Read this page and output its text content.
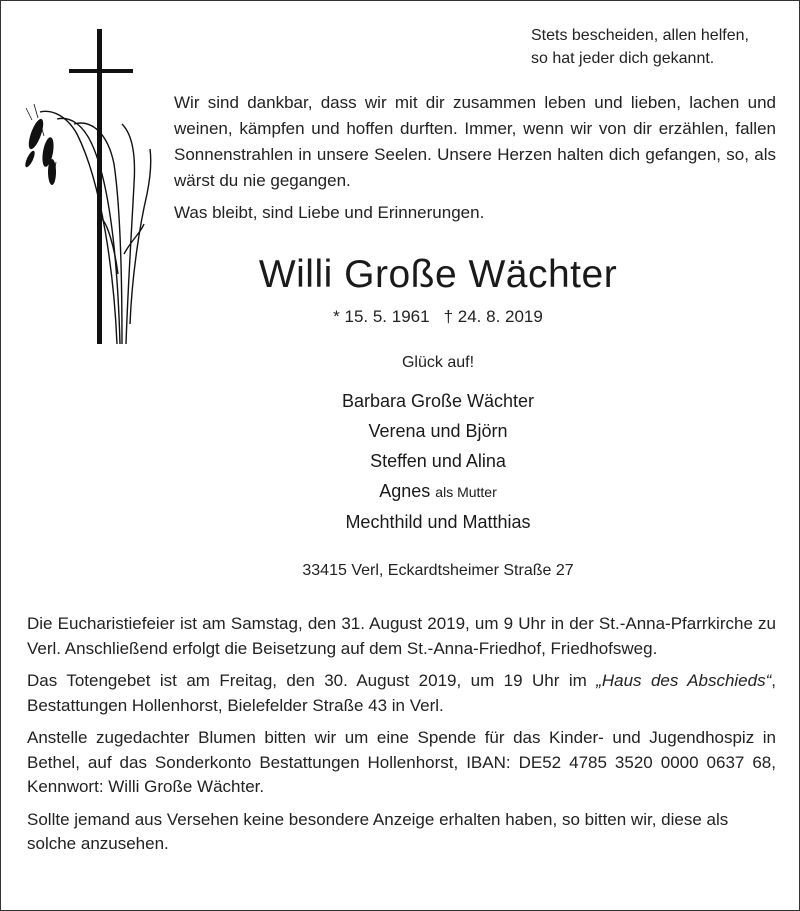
Stets bescheiden, allen helfen,
so hat jeder dich gekannt.

Wir sind dankbar, dass wir mit dir zusammen leben und lieben, lachen und weinen, kämpfen und hoffen durften. Immer, wenn wir von dir erzählen, fallen Sonnenstrahlen in unsere Seelen. Unsere Herzen halten dich gefangen, so, als wärst du nie gegangen.

Was bleibt, sind Liebe und Erinnerungen.

Willi Große Wächter
* 15. 5. 1961 † 24. 8. 2019
Glück auf!
Barbara Große Wächter
Verena und Björn
Steffen und Alina
Agnes als Mutter
Mechthild und Matthias
33415 Verl, Eckardtsheimer Straße 27

Die Eucharistiefeier ist am Samstag, den 31. August 2019, um 9 Uhr in der St.-Anna-Pfarrkirche zu Verl. Anschließend erfolgt die Beisetzung auf dem St.-Anna-Friedhof, Friedhofsweg.

Das Totengebet ist am Freitag, den 30. August 2019, um 19 Uhr im „Haus des Abschieds“, Bestattungen Hollenhorst, Bielefelder Straße 43 in Verl.

Anstelle zugedachter Blumen bitten wir um eine Spende für das Kinder- und Jugendhospiz in Bethel, auf das Sonderkonto Bestattungen Hollenhorst, IBAN: DE52 4785 3520 0000 0637 68, Kennwort: Willi Große Wächter.

Sollte jemand aus Versehen keine besondere Anzeige erhalten haben, so bitten wir, diese als solche anzusehen.
